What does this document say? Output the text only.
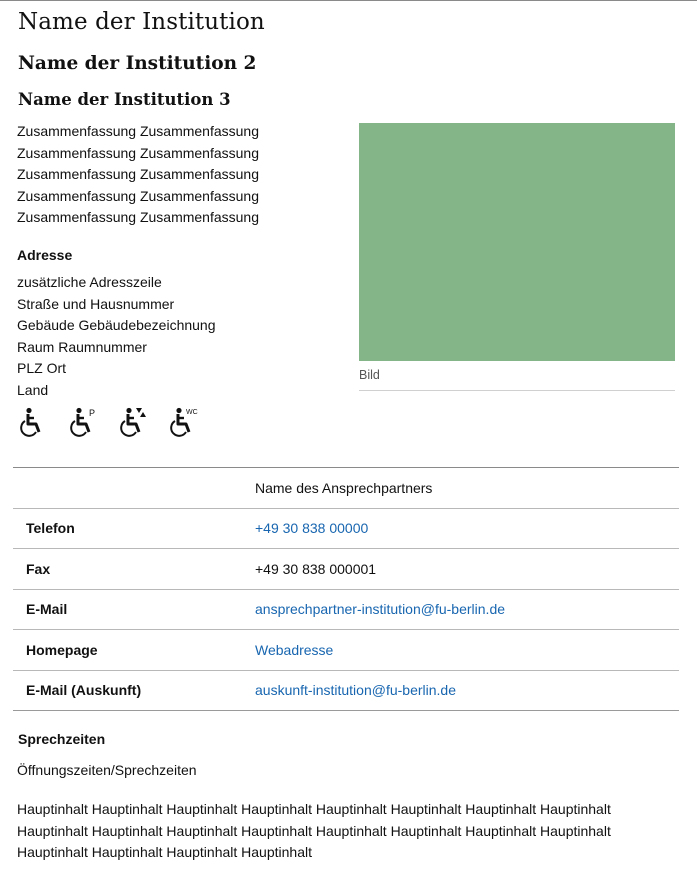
Name der Institution
Name der Institution 2
Name der Institution 3
Zusammenfassung Zusammenfassung
Zusammenfassung Zusammenfassung
Zusammenfassung Zusammenfassung
Zusammenfassung Zusammenfassung
Zusammenfassung Zusammenfassung
Adresse
zusätzliche Adresszeile
Straße und Hausnummer
Gebäude Gebäudebezeichnung
Raum Raumnummer
PLZ Ort
Land
P	WC
Bild
	Name des Ansprechpartners
Telefon	+49 30 838 00000
Fax	+49 30 838 000001
E-Mail	ansprechpartner-institution@fu-berlin.de
Homepage	Webadresse
E-Mail (Auskunft)	auskunft-institution@fu-berlin.de
Sprechzeiten
Öffnungszeiten/Sprechzeiten
Hauptinhalt Hauptinhalt Hauptinhalt Hauptinhalt Hauptinhalt Hauptinhalt Hauptinhalt Hauptinhalt Hauptinhalt Hauptinhalt Hauptinhalt Hauptinhalt Hauptinhalt Hauptinhalt Hauptinhalt Hauptinhalt Hauptinhalt Hauptinhalt Hauptinhalt Hauptinhalt
